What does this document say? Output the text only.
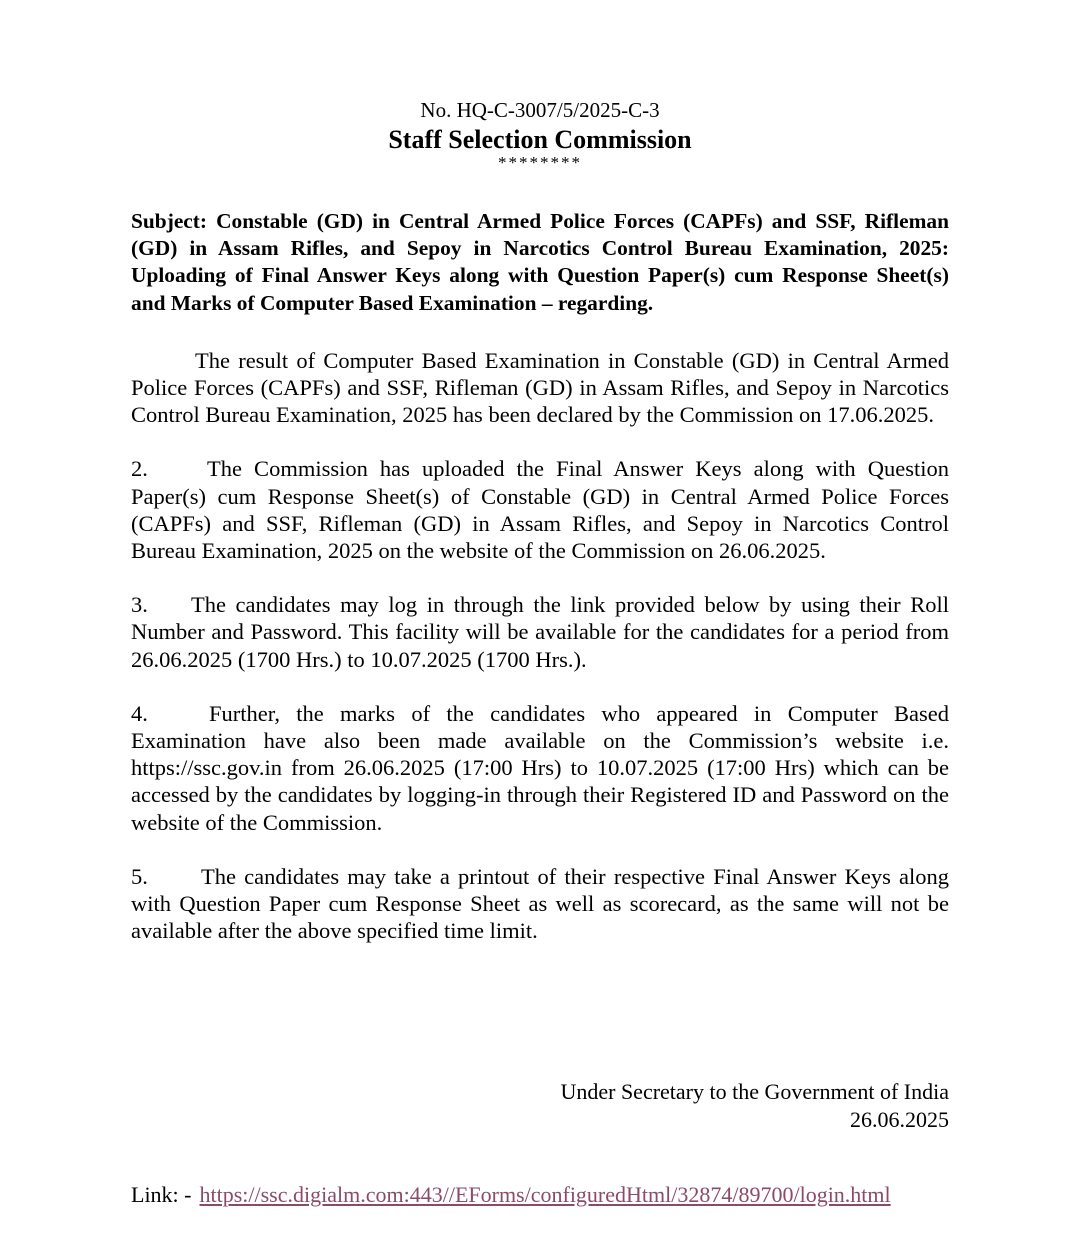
No. HQ-C-3007/5/2025-C-3
Staff Selection Commission
********
Subject: Constable (GD) in Central Armed Police Forces (CAPFs) and SSF, Rifleman (GD) in Assam Rifles, and Sepoy in Narcotics Control Bureau Examination, 2025: Uploading of Final Answer Keys along with Question Paper(s) cum Response Sheet(s) and Marks of Computer Based Examination – regarding.
The result of Computer Based Examination in Constable (GD) in Central Armed Police Forces (CAPFs) and SSF, Rifleman (GD) in Assam Rifles, and Sepoy in Narcotics Control Bureau Examination, 2025 has been declared by the Commission on 17.06.2025.
2.	The Commission has uploaded the Final Answer Keys along with Question Paper(s) cum Response Sheet(s) of Constable (GD) in Central Armed Police Forces (CAPFs) and SSF, Rifleman (GD) in Assam Rifles, and Sepoy in Narcotics Control Bureau Examination, 2025 on the website of the Commission on 26.06.2025.
3. The candidates may log in through the link provided below by using their Roll Number and Password. This facility will be available for the candidates for a period from 26.06.2025 (1700 Hrs.) to 10.07.2025 (1700 Hrs.).
4.	Further, the marks of the candidates who appeared in Computer Based Examination have also been made available on the Commission’s website i.e. https://ssc.gov.in from 26.06.2025 (17:00 Hrs) to 10.07.2025 (17:00 Hrs) which can be accessed by the candidates by logging-in through their Registered ID and Password on the website of the Commission.
5. The candidates may take a printout of their respective Final Answer Keys along with Question Paper cum Response Sheet as well as scorecard, as the same will not be available after the above specified time limit.
Under Secretary to the Government of India
26.06.2025
Link: - https://ssc.digialm.com:443//EForms/configuredHtml/32874/89700/login.html
